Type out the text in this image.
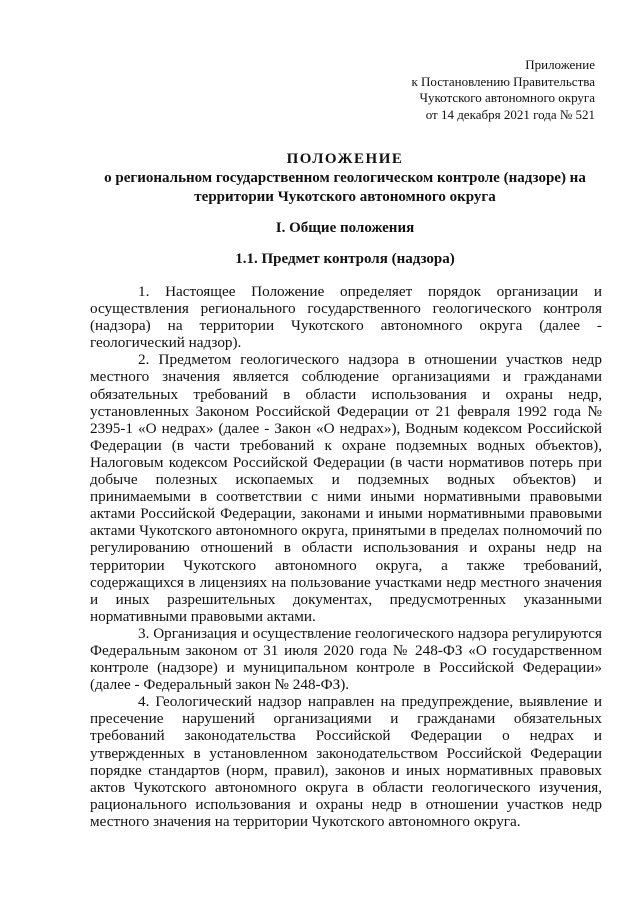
Приложение
к Постановлению Правительства
Чукотского автономного округа
от 14 декабря 2021 года № 521
ПОЛОЖЕНИЕ
о региональном государственном геологическом контроле (надзоре) на
территории Чукотского автономного округа
I. Общие положения
1.1. Предмет контроля (надзора)

1. Настоящее Положение определяет порядок организации и осуществления регионального государственного геологического контроля (надзора) на территории Чукотского автономного округа (далее - геологический надзор).

2. Предметом геологического надзора в отношении участков недр местного значения является соблюдение организациями и гражданами обязательных требований в области использования и охраны недр, установленных Законом Российской Федерации от 21 февраля 1992 года № 2395-1 «О недрах» (далее - Закон «О недрах»), Водным кодексом Российской Федерации (в части требований к охране подземных водных объектов), Налоговым кодексом Российской Федерации (в части нормативов потерь при добыче полезных ископаемых и подземных водных объектов) и принимаемыми в соответствии с ними иными нормативными правовыми актами Российской Федерации, законами и иными нормативными правовыми актами Чукотского автономного округа, принятыми в пределах полномочий по регулированию отношений в области использования и охраны недр на территории Чукотского автономного округа, а также требований, содержащихся в лицензиях на пользование участками недр местного значения и иных разрешительных документах, предусмотренных указанными нормативными правовыми актами.

3. Организация и осуществление геологического надзора регулируются Федеральным законом от 31 июля 2020 года № 248-ФЗ «О государственном контроле (надзоре) и муниципальном контроле в Российской Федерации» (далее - Федеральный закон № 248-ФЗ).

4. Геологический надзор направлен на предупреждение, выявление и пресечение нарушений организациями и гражданами обязательных требований законодательства Российской Федерации о недрах и утвержденных в установленном законодательством Российской Федерации порядке стандартов (норм, правил), законов и иных нормативных правовых актов Чукотского автономного округа в области геологического изучения, рационального использования и охраны недр в отношении участков недр местного значения на территории Чукотского автономного округа.
